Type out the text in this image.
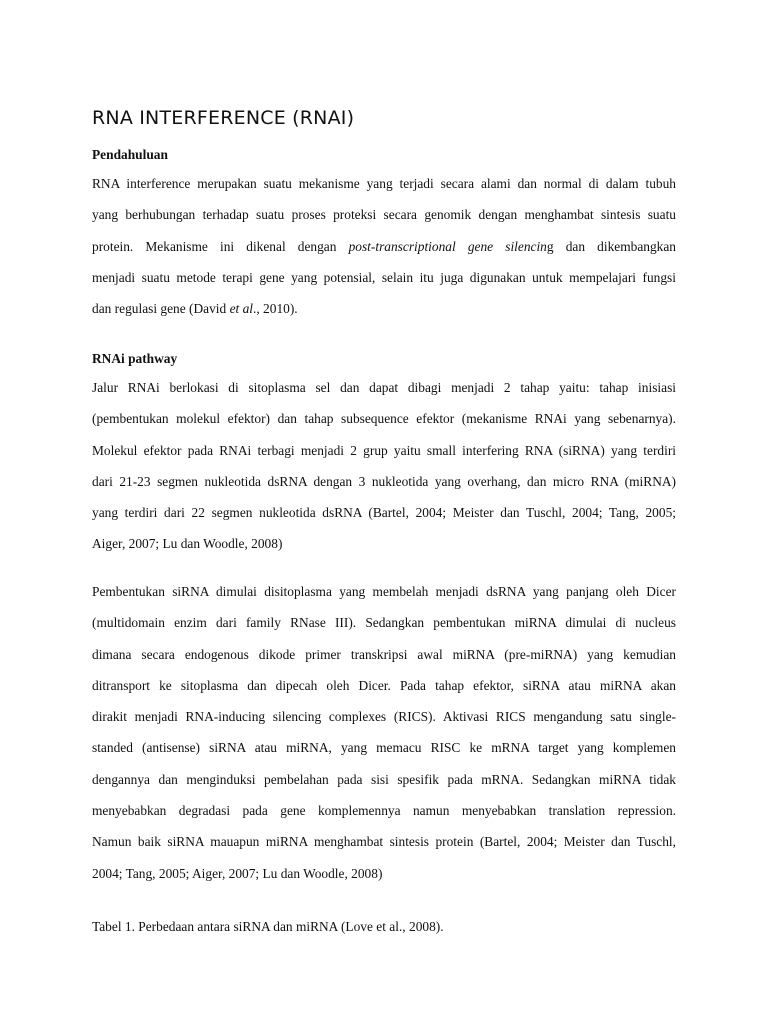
RNA INTERFERENCE (RNAI)
Pendahuluan
RNA interference merupakan suatu mekanisme yang terjadi secara alami dan normal di dalam tubuh
yang berhubungan terhadap suatu proses proteksi secara genomik dengan menghambat sintesis suatu
protein. Mekanisme ini dikenal dengan post-transcriptional gene silencing dan dikembangkan
menjadi suatu metode terapi gene yang potensial, selain itu juga digunakan untuk mempelajari fungsi
dan regulasi gene (David et al., 2010).
RNAi pathway
Jalur RNAi berlokasi di sitoplasma sel dan dapat dibagi menjadi 2 tahap yaitu: tahap inisiasi
(pembentukan molekul efektor) dan tahap subsequence efektor (mekanisme RNAi yang sebenarnya).
Molekul efektor pada RNAi terbagi menjadi 2 grup yaitu small interfering RNA (siRNA) yang terdiri
dari 21-23 segmen nukleotida dsRNA dengan 3 nukleotida yang overhang, dan micro RNA (miRNA)
yang terdiri dari 22 segmen nukleotida dsRNA (Bartel, 2004; Meister dan Tuschl, 2004; Tang, 2005;
Aiger, 2007; Lu dan Woodle, 2008)
Pembentukan siRNA dimulai disitoplasma yang membelah menjadi dsRNA yang panjang oleh Dicer
(multidomain enzim dari family RNase III). Sedangkan pembentukan miRNA dimulai di nucleus
dimana secara endogenous dikode primer transkripsi awal miRNA (pre-miRNA) yang kemudian
ditransport ke sitoplasma dan dipecah oleh Dicer. Pada tahap efektor, siRNA atau miRNA akan
dirakit menjadi RNA-inducing silencing complexes (RICS). Aktivasi RICS mengandung satu single-
standed (antisense) siRNA atau miRNA, yang memacu RISC ke mRNA target yang komplemen
dengannya dan menginduksi pembelahan pada sisi spesifik pada mRNA. Sedangkan miRNA tidak
menyebabkan degradasi pada gene komplemennya namun menyebabkan translation repression.
Namun baik siRNA mauapun miRNA menghambat sintesis protein (Bartel, 2004; Meister dan Tuschl,
2004; Tang, 2005; Aiger, 2007; Lu dan Woodle, 2008)

Tabel 1. Perbedaan antara siRNA dan miRNA (Love et al., 2008).
